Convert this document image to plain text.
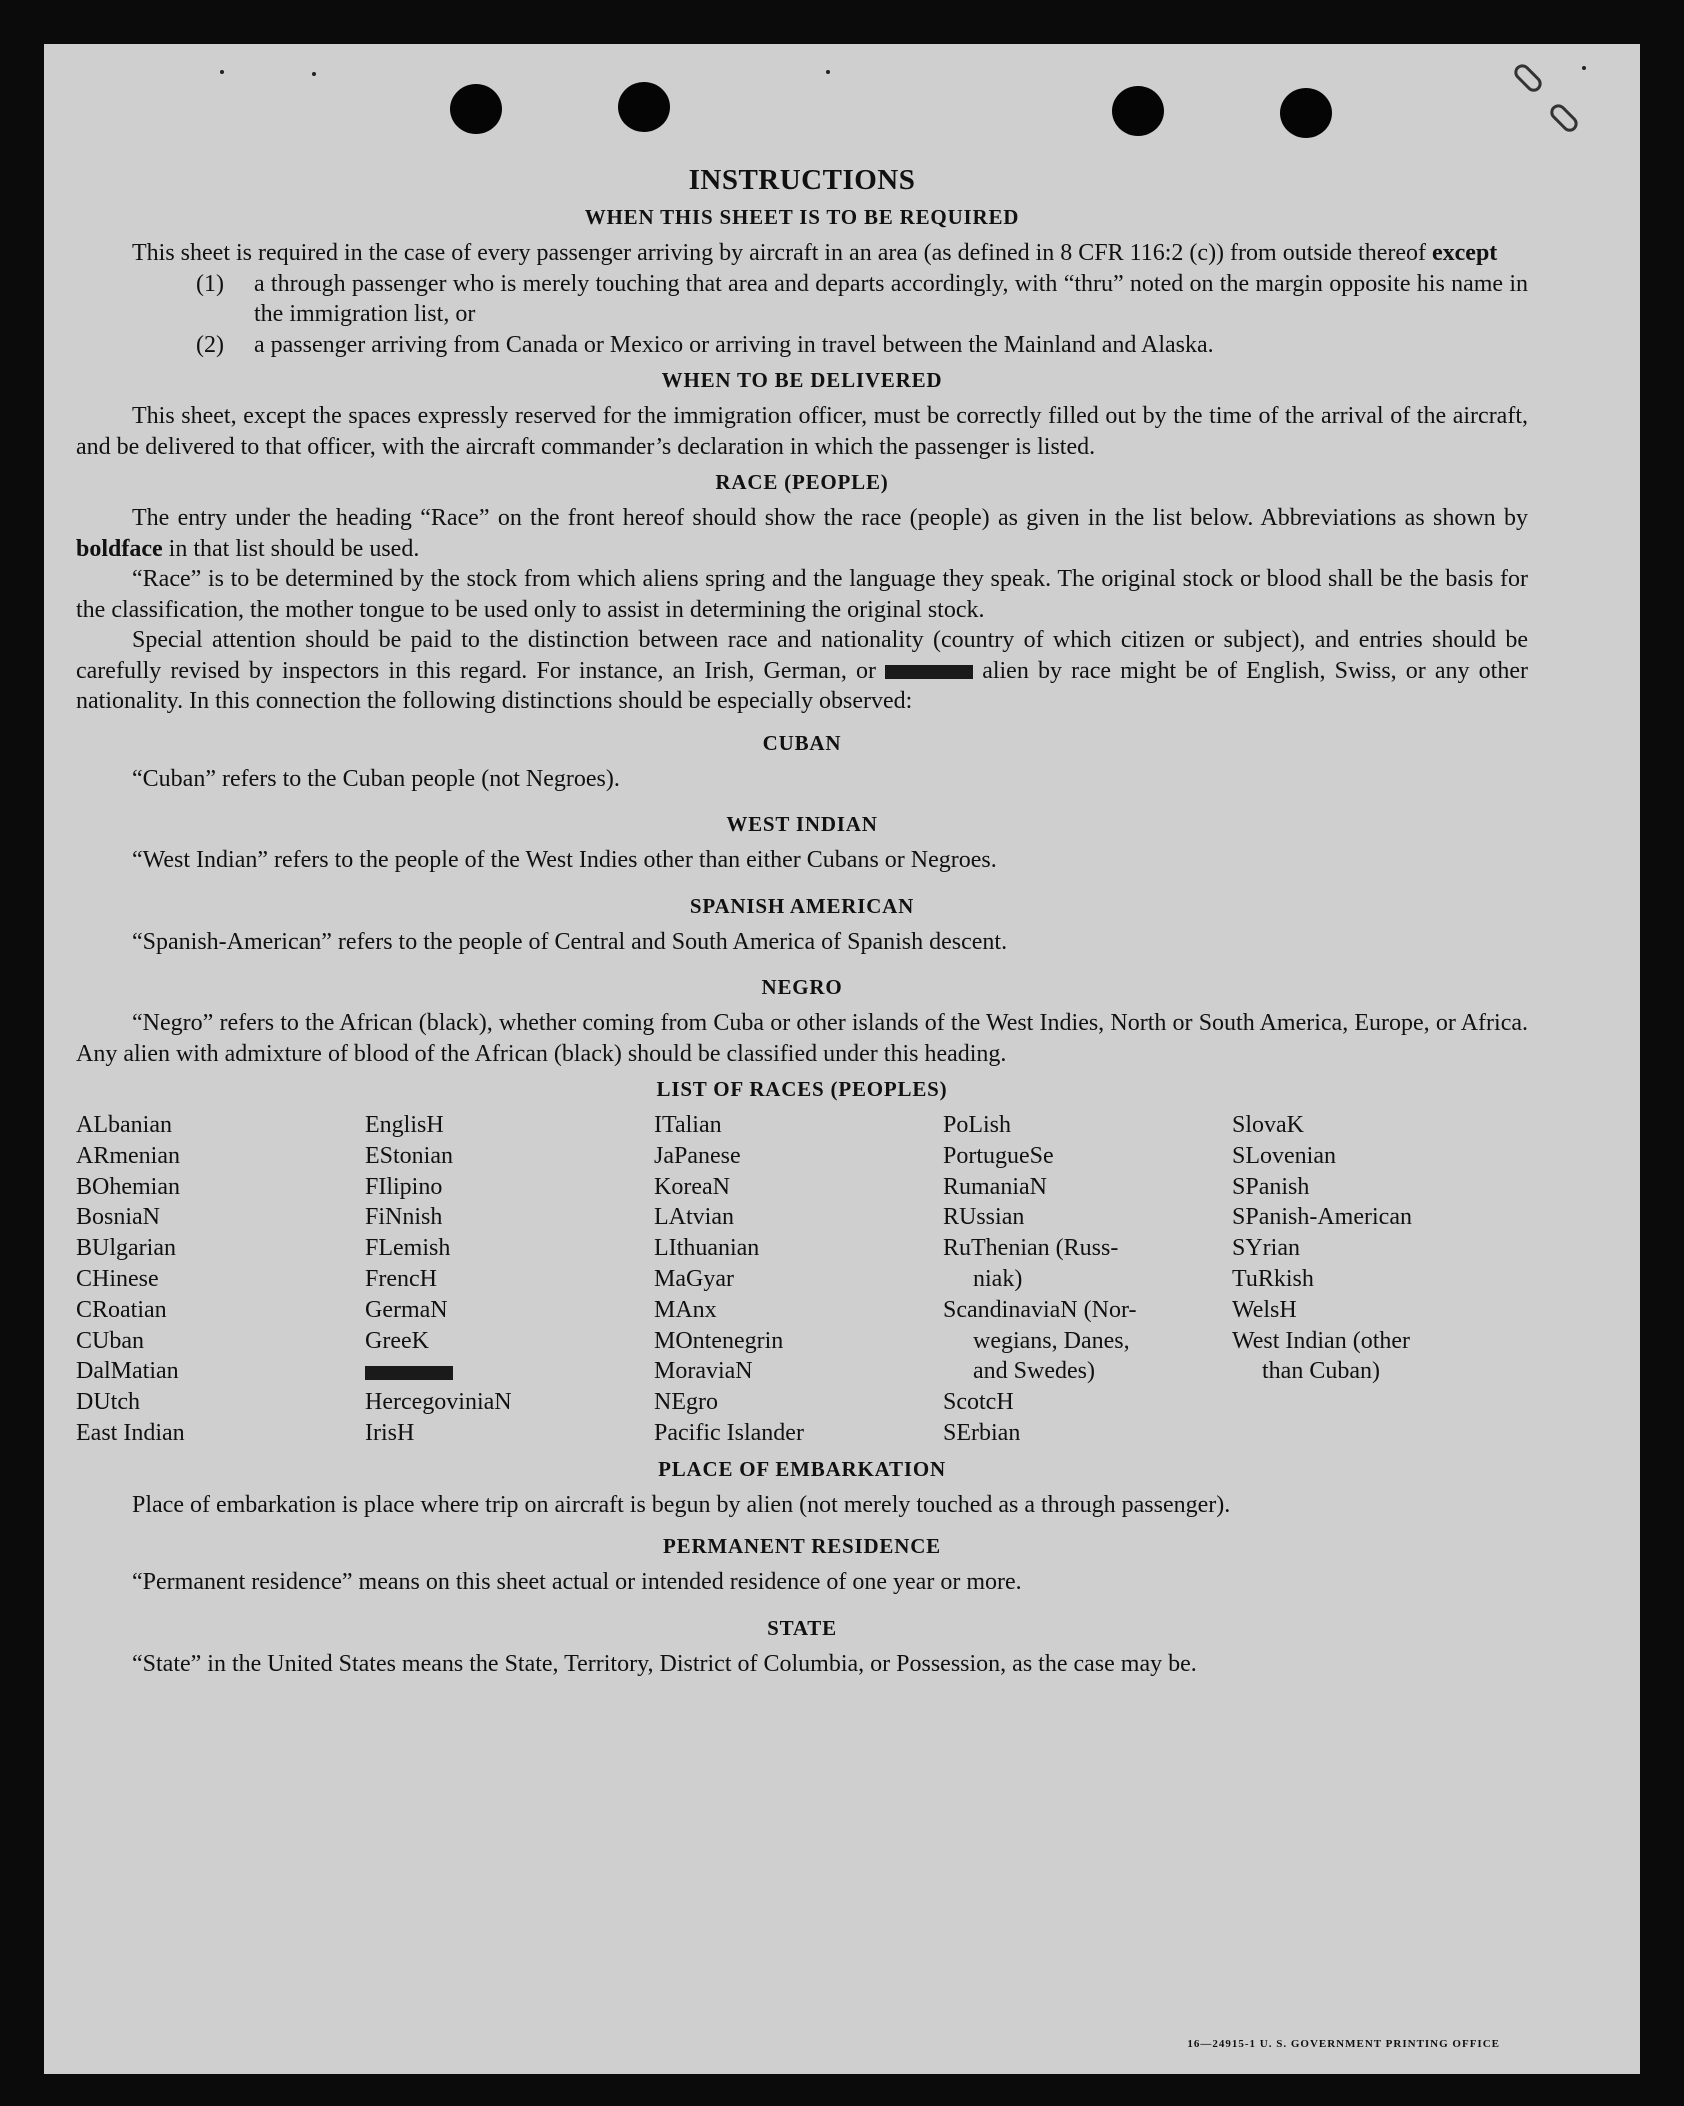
INSTRUCTIONS
WHEN THIS SHEET IS TO BE REQUIRED

This sheet is required in the case of every passenger arriving by aircraft in an area (as defined in 8 CFR 116:2 (c)) from outside thereof except

(1)	a through passenger who is merely touching that area and departs accordingly, with “thru” noted on the margin opposite his name in the immigration list, or
(2)	a passenger arriving from Canada or Mexico or arriving in travel between the Mainland and Alaska.
WHEN TO BE DELIVERED

This sheet, except the spaces expressly reserved for the immigration officer, must be correctly filled out by the time of the arrival of the aircraft, and be delivered to that officer, with the aircraft commander’s declaration in which the passenger is listed.

RACE (PEOPLE)

The entry under the heading “Race” on the front hereof should show the race (people) as given in the list below. Abbreviations as shown by boldface in that list should be used.

“Race” is to be determined by the stock from which aliens spring and the language they speak. The original stock or blood shall be the basis for the classification, the mother tongue to be used only to assist in determining the original stock.

Special attention should be paid to the distinction between race and nationality (country of which citizen or subject), and entries should be carefully revised by inspectors in this regard. For instance, an Irish, German, or	alien by race might be of English, Swiss, or any other nationality. In this connection the following distinctions should be especially observed:

CUBAN

“Cuban” refers to the Cuban people (not Negroes).

WEST INDIAN

“West Indian” refers to the people of the West Indies other than either Cubans or Negroes.

SPANISH AMERICAN

“Spanish-American” refers to the people of Central and South America of Spanish descent.

NEGRO

“Negro” refers to the African (black), whether coming from Cuba or other islands of the West Indies, North or South America, Europe, or Africa. Any alien with admixture of blood of the African (black) should be classified under this heading.

LIST OF RACES (PEOPLES)
ALbanian
ARmenian
BOhemian
BosniaN
BUlgarian
CHinese
CRoatian
CUban
DalMatian
DUtch
East Indian
EnglisH
EStonian
FIlipino
FiNnish
FLemish
FrencH
GermaN
GreeK
HercegoviniaN
IrisH
ITalian
JaPanese
KoreaN
LAtvian
LIthuanian
MaGyar
MAnx
MOntenegrin
MoraviaN
NEgro
Pacific Islander
PoLish
PortugueSe
RumaniaN
RUssian
RuThenian (Russ-
niak)
ScandinaviaN (Nor-
wegians, Danes,
and Swedes)
ScotcH
SErbian
SlovaK
SLovenian
SPanish
SPanish-American
SYrian
TuRkish
WelsH
West Indian (other
than Cuban)
PLACE OF EMBARKATION

Place of embarkation is place where trip on aircraft is begun by alien (not merely touched as a through passenger).

PERMANENT RESIDENCE

“Permanent residence” means on this sheet actual or intended residence of one year or more.

STATE

“State” in the United States means the State, Territory, District of Columbia, or Possession, as the case may be.

16—24915-1 U. S. GOVERNMENT PRINTING OFFICE
